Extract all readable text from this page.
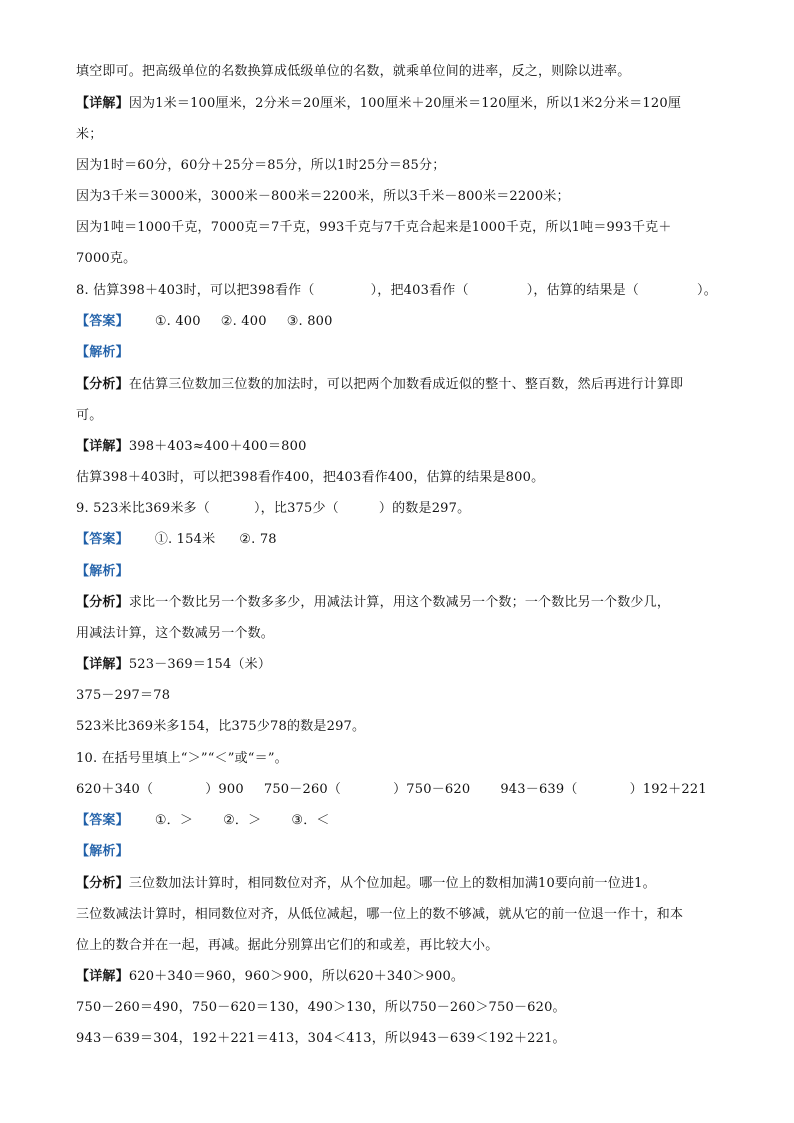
填空即可。把高级单位的名数换算成低级单位的名数，就乘单位间的进率，反之，则除以进率。
【详解】因为1米＝100厘米，2分米＝20厘米，100厘米＋20厘米＝120厘米，所以1米2分米＝120厘
米；
因为1时＝60分，60分＋25分＝85分，所以1时25分＝85分；
因为3千米＝3000米，3000米－800米＝2200米，所以3千米－800米＝2200米；
因为1吨＝1000千克，7000克＝7千克，993千克与7千克合起来是1000千克，所以1吨＝993千克＋
7000克。
8. 估算398＋403时，可以把398看作（	），把403看作（	），估算的结果是（	）。
【答案】 ①. 400 ②. 400 ③. 800
【解析】
【分析】在估算三位数加三位数的加法时，可以把两个加数看成近似的整十、整百数，然后再进行计算即
可。
【详解】398＋403≈400＋400＝800
估算398＋403时，可以把398看作400，把403看作400，估算的结果是800。
9. 523米比369米多（	），比375少（	）的数是297。
【答案】 ①. 154米 ②. 78
【解析】
【分析】求比一个数比另一个数多多少，用减法计算，用这个数减另一个数；一个数比另一个数少几，
用减法计算，这个数减另一个数。
【详解】523－369＝154（米）
375－297＝78
523米比369米多154，比375少78的数是297。
10. 在括号里填上“＞”“＜”或“＝”。
620＋340（	）900 750－260（	）750－620 943－639（	）192＋221
【答案】 ①．＞ ②．＞ ③．＜
【解析】
【分析】三位数加法计算时，相同数位对齐，从个位加起。哪一位上的数相加满10要向前一位进1。
三位数减法计算时，相同数位对齐，从低位减起，哪一位上的数不够减，就从它的前一位退一作十，和本
位上的数合并在一起，再减。据此分别算出它们的和或差，再比较大小。
【详解】620＋340＝960，960＞900，所以620＋340＞900。
750－260＝490，750－620＝130，490＞130，所以750－260＞750－620。
943－639＝304，192＋221＝413，304＜413，所以943－639＜192＋221。
